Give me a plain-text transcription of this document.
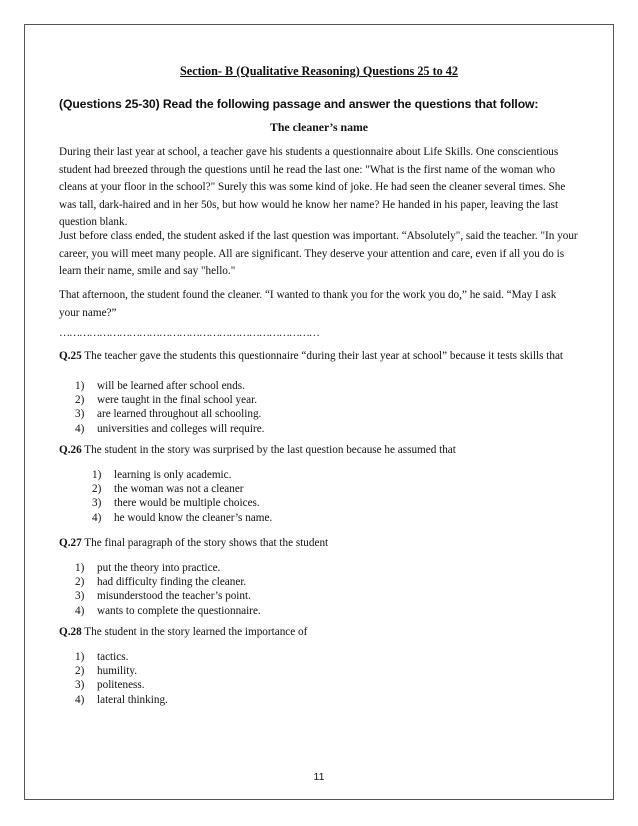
Section- B (Qualitative Reasoning) Questions 25 to 42
(Questions 25-30) Read the following passage and answer the questions that follow:
The cleaner’s name
During their last year at school, a teacher gave his students a questionnaire about Life Skills. One conscientious student had breezed through the questions until he read the last one: "What is the first name of the woman who cleans at your floor in the school?" Surely this was some kind of joke. He had seen the cleaner several times. She was tall, dark-haired and in her 50s, but how would he know her name? He handed in his paper, leaving the last question blank.
Just before class ended, the student asked if the last question was important. “Absolutely", said the teacher. "In your career, you will meet many people. All are significant. They deserve your attention and care, even if all you do is learn their name, smile and say "hello."
That afternoon, the student found the cleaner. “I wanted to thank you for the work you do,” he said. “May I ask your name?”
……………………………………………………………………
Q.25 The teacher gave the students this questionnaire “during their last year at school” because it tests skills that
1)	will be learned after school ends.
2)	were taught in the final school year.
3)	are learned throughout all schooling.
4)	universities and colleges will require.
Q.26 The student in the story was surprised by the last question because he assumed that
1)	learning is only academic.
2)	the woman was not a cleaner
3)	there would be multiple choices.
4)	he would know the cleaner’s name.
Q.27 The final paragraph of the story shows that the student
1)	put the theory into practice.
2)	had difficulty finding the cleaner.
3)	misunderstood the teacher’s point.
4)	wants to complete the questionnaire.
Q.28 The student in the story learned the importance of
1)	tactics.
2)	humility.
3)	politeness.
4)	lateral thinking.
11
